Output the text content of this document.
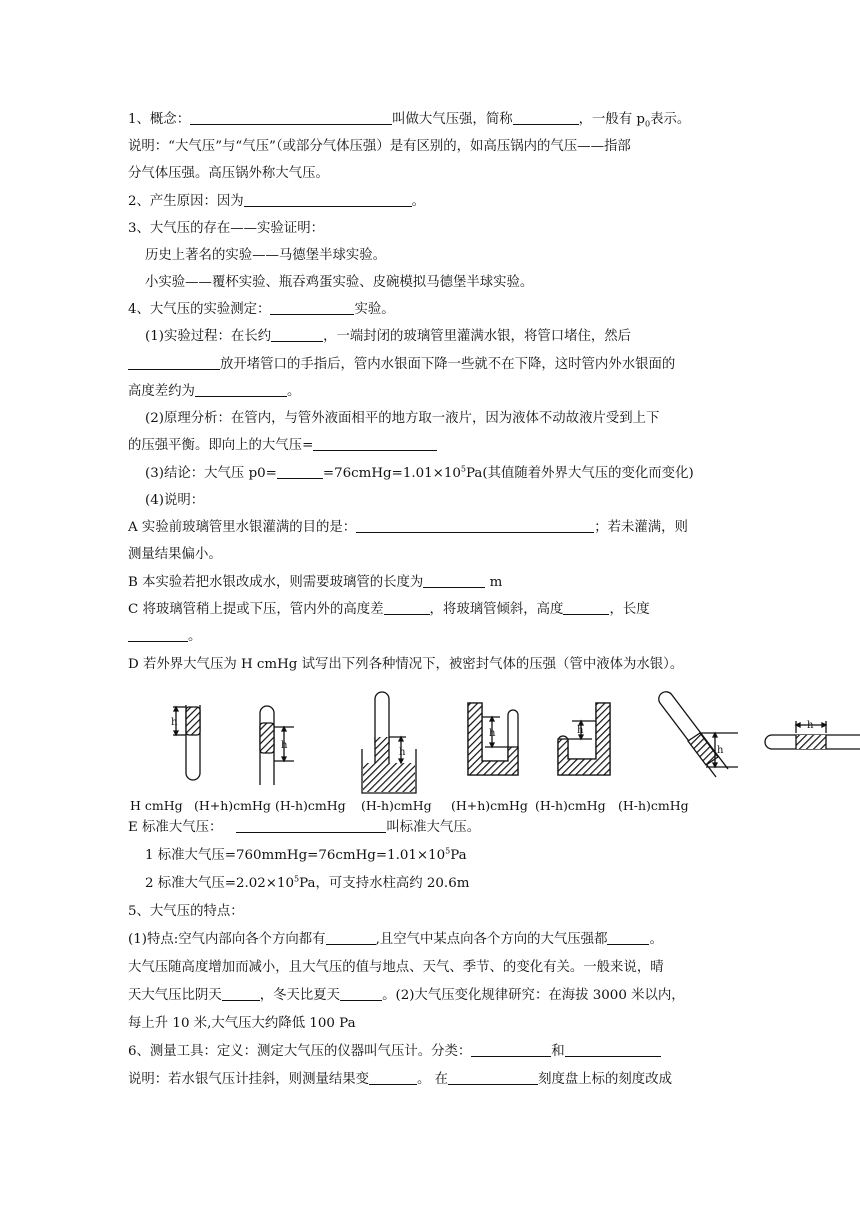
1、概念：	叫做大气压强，简称	，一般有 $p_0$表示。
说明：“大气压”与“气压”（或部分气体压强）是有区别的，如高压锅内的气压——指部
分气体压强。高压锅外称大气压。
2、产生原因：因为	。
3、大气压的存在——实验证明：
历史上著名的实验——马德堡半球实验。
小实验——覆杯实验、瓶吞鸡蛋实验、皮碗模拟马德堡半球实验。
4、大气压的实验测定：	实验。
(1)实验过程：在长约	，一端封闭的玻璃管里灌满水银，将管口堵住，然后
放开堵管口的手指后，管内水银面下降一些就不在下降，这时管内外水银面的
高度差约为	。
(2)原理分析：在管内，与管外液面相平的地方取一液片，因为液体不动故液片受到上下
的压强平衡。即向上的大气压=
(3)结论：大气压 p0=	$=76cmHg=1.01\times 10^5Pa$(其值随着外界大气压的变化而变化)
(4)说明：
A 实验前玻璃管里水银灌满的目的是：	；若未灌满，则
测量结果偏小。
B 本实验若把水银改成水，则需要玻璃管的长度为	m
C 将玻璃管稍上提或下压，管内外的高度差	，将玻璃管倾斜，高度	，长度
。
D 若外界大气压为 H cmHg 试写出下列各种情况下，被密封气体的压强（管中液体为水银）。
h
h
h
h	h
h
h
H cmHg (H+h)cmHg (H-h)cmHg (H-h)cmHg (H+h)cmHg (H-h)cmHg (H-h)cmHg
E 标准大气压：	叫标准大气压。
1 标准大气压$=760mmHg=76cmHg=1.01\times 10^5Pa$
2 标准大气压$=2.02\times 10^5Pa$，可支持水柱高约 20.6m
5、大气压的特点：
(1)特点:空气内部向各个方向都有	,且空气中某点向各个方向的大气压强都	。
大气压随高度增加而减小，且大气压的值与地点、天气、季节、的变化有关。一般来说，晴
天大气压比阴天	，冬天比夏天	。(2)大气压变化规律研究：在海拔 3000 米以内，
每上升 10 米,大气压大约降低 100 Pa
6、测量工具：定义：测定大气压的仪器叫气压计。分类：	和
说明：若水银气压计挂斜，则测量结果变	。 在	刻度盘上标的刻度改成
